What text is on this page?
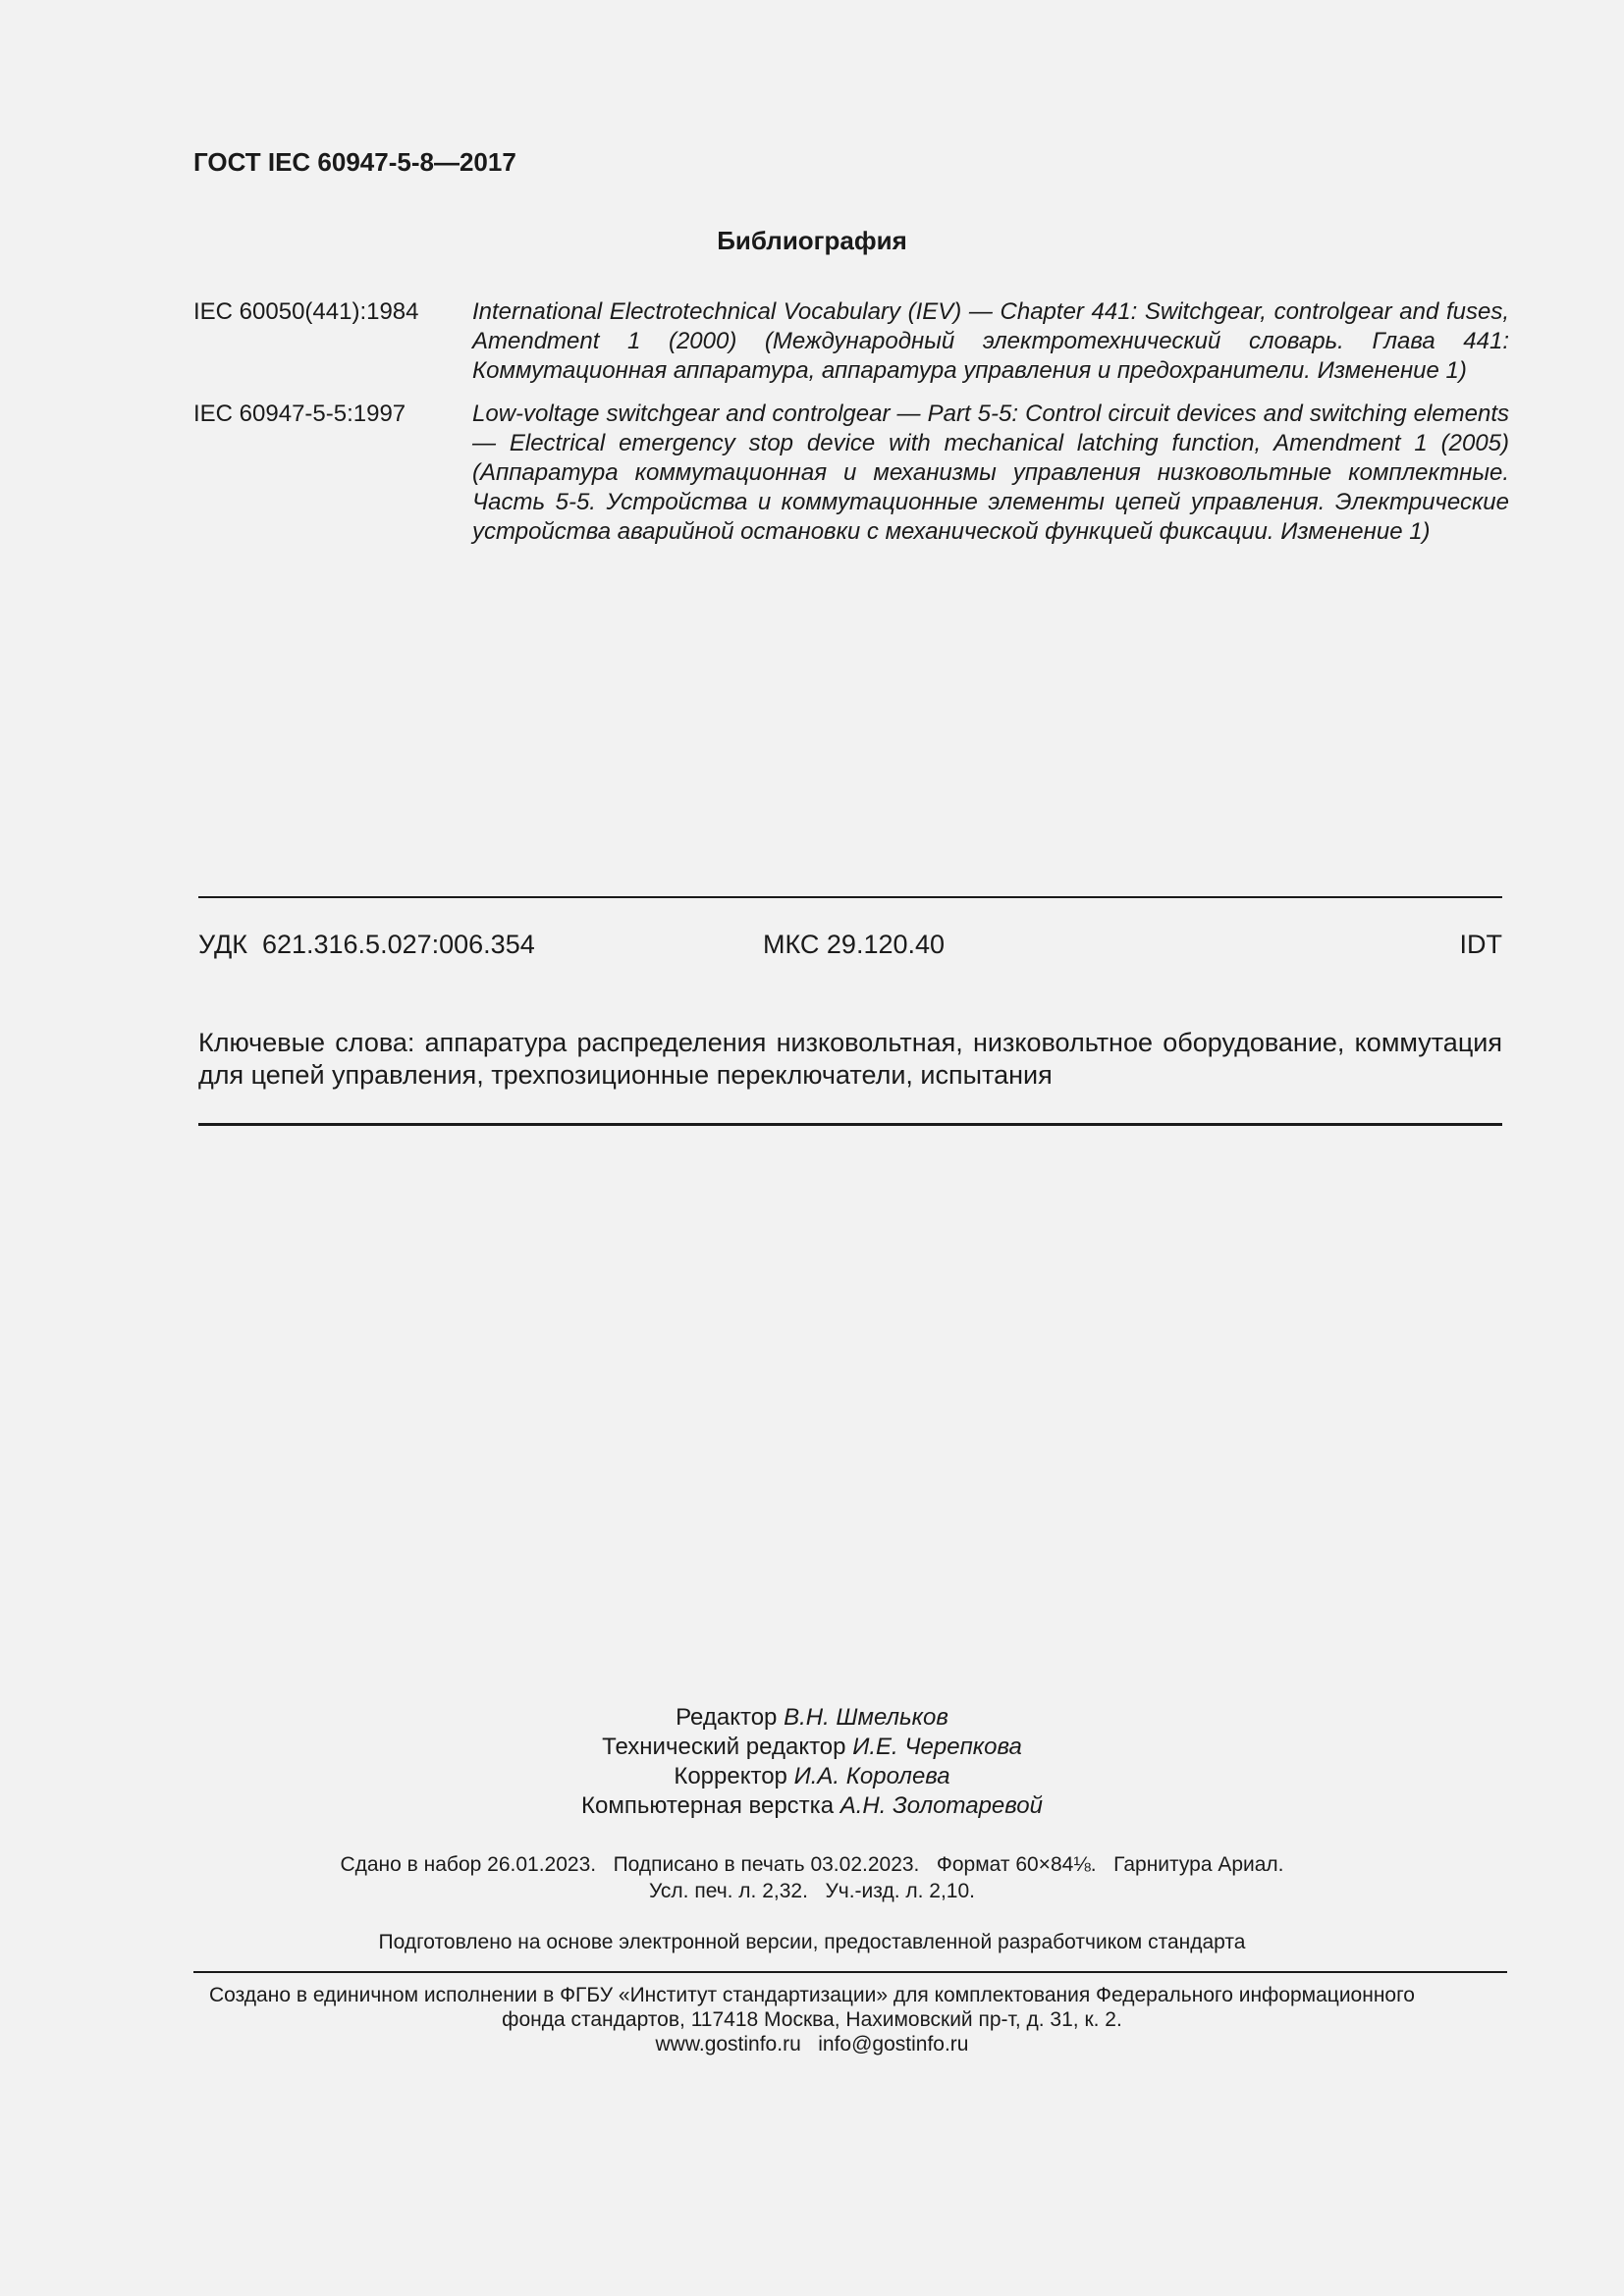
ГОСТ IEC 60947-5-8—2017
Библиография
IEC 60050(441):1984	International Electrotechnical Vocabulary (IEV) — Chapter 441: Switchgear, controlgear and fuses, Amendment 1 (2000) (Международный электротехнический словарь. Глава 441: Коммутационная аппаратура, аппаратура управления и предохранители. Изменение 1)
IEC 60947-5-5:1997	Low-voltage switchgear and controlgear — Part 5-5: Control circuit devices and switching elements — Electrical emergency stop device with mechanical latching function, Amendment 1 (2005) (Аппаратура коммутационная и механизмы управления низковольтные комплектные. Часть 5-5. Устройства и коммутационные элементы цепей управления. Электрические устройства аварийной остановки с механической функцией фиксации. Изменение 1)
УДК  621.316.5.027:006.354	МКС 29.120.40	IDT
Ключевые слова: аппаратура распределения низковольтная, низковольтное оборудование, коммутация для цепей управления, трехпозиционные переключатели, испытания
Редактор В.Н. Шмельков
Технический редактор И.Е. Черепкова
Корректор И.А. Королева
Компьютерная верстка А.Н. Золотаревой
Сдано в набор 26.01.2023.   Подписано в печать 03.02.2023.   Формат 60×84⅛.   Гарнитура Ариал.
Усл. печ. л. 2,32.   Уч.-изд. л. 2,10.
Подготовлено на основе электронной версии, предоставленной разработчиком стандарта
Создано в единичном исполнении в ФГБУ «Институт стандартизации» для комплектования Федерального информационного
фонда стандартов, 117418 Москва, Нахимовский пр-т, д. 31, к. 2.
www.gostinfo.ru   info@gostinfo.ru
